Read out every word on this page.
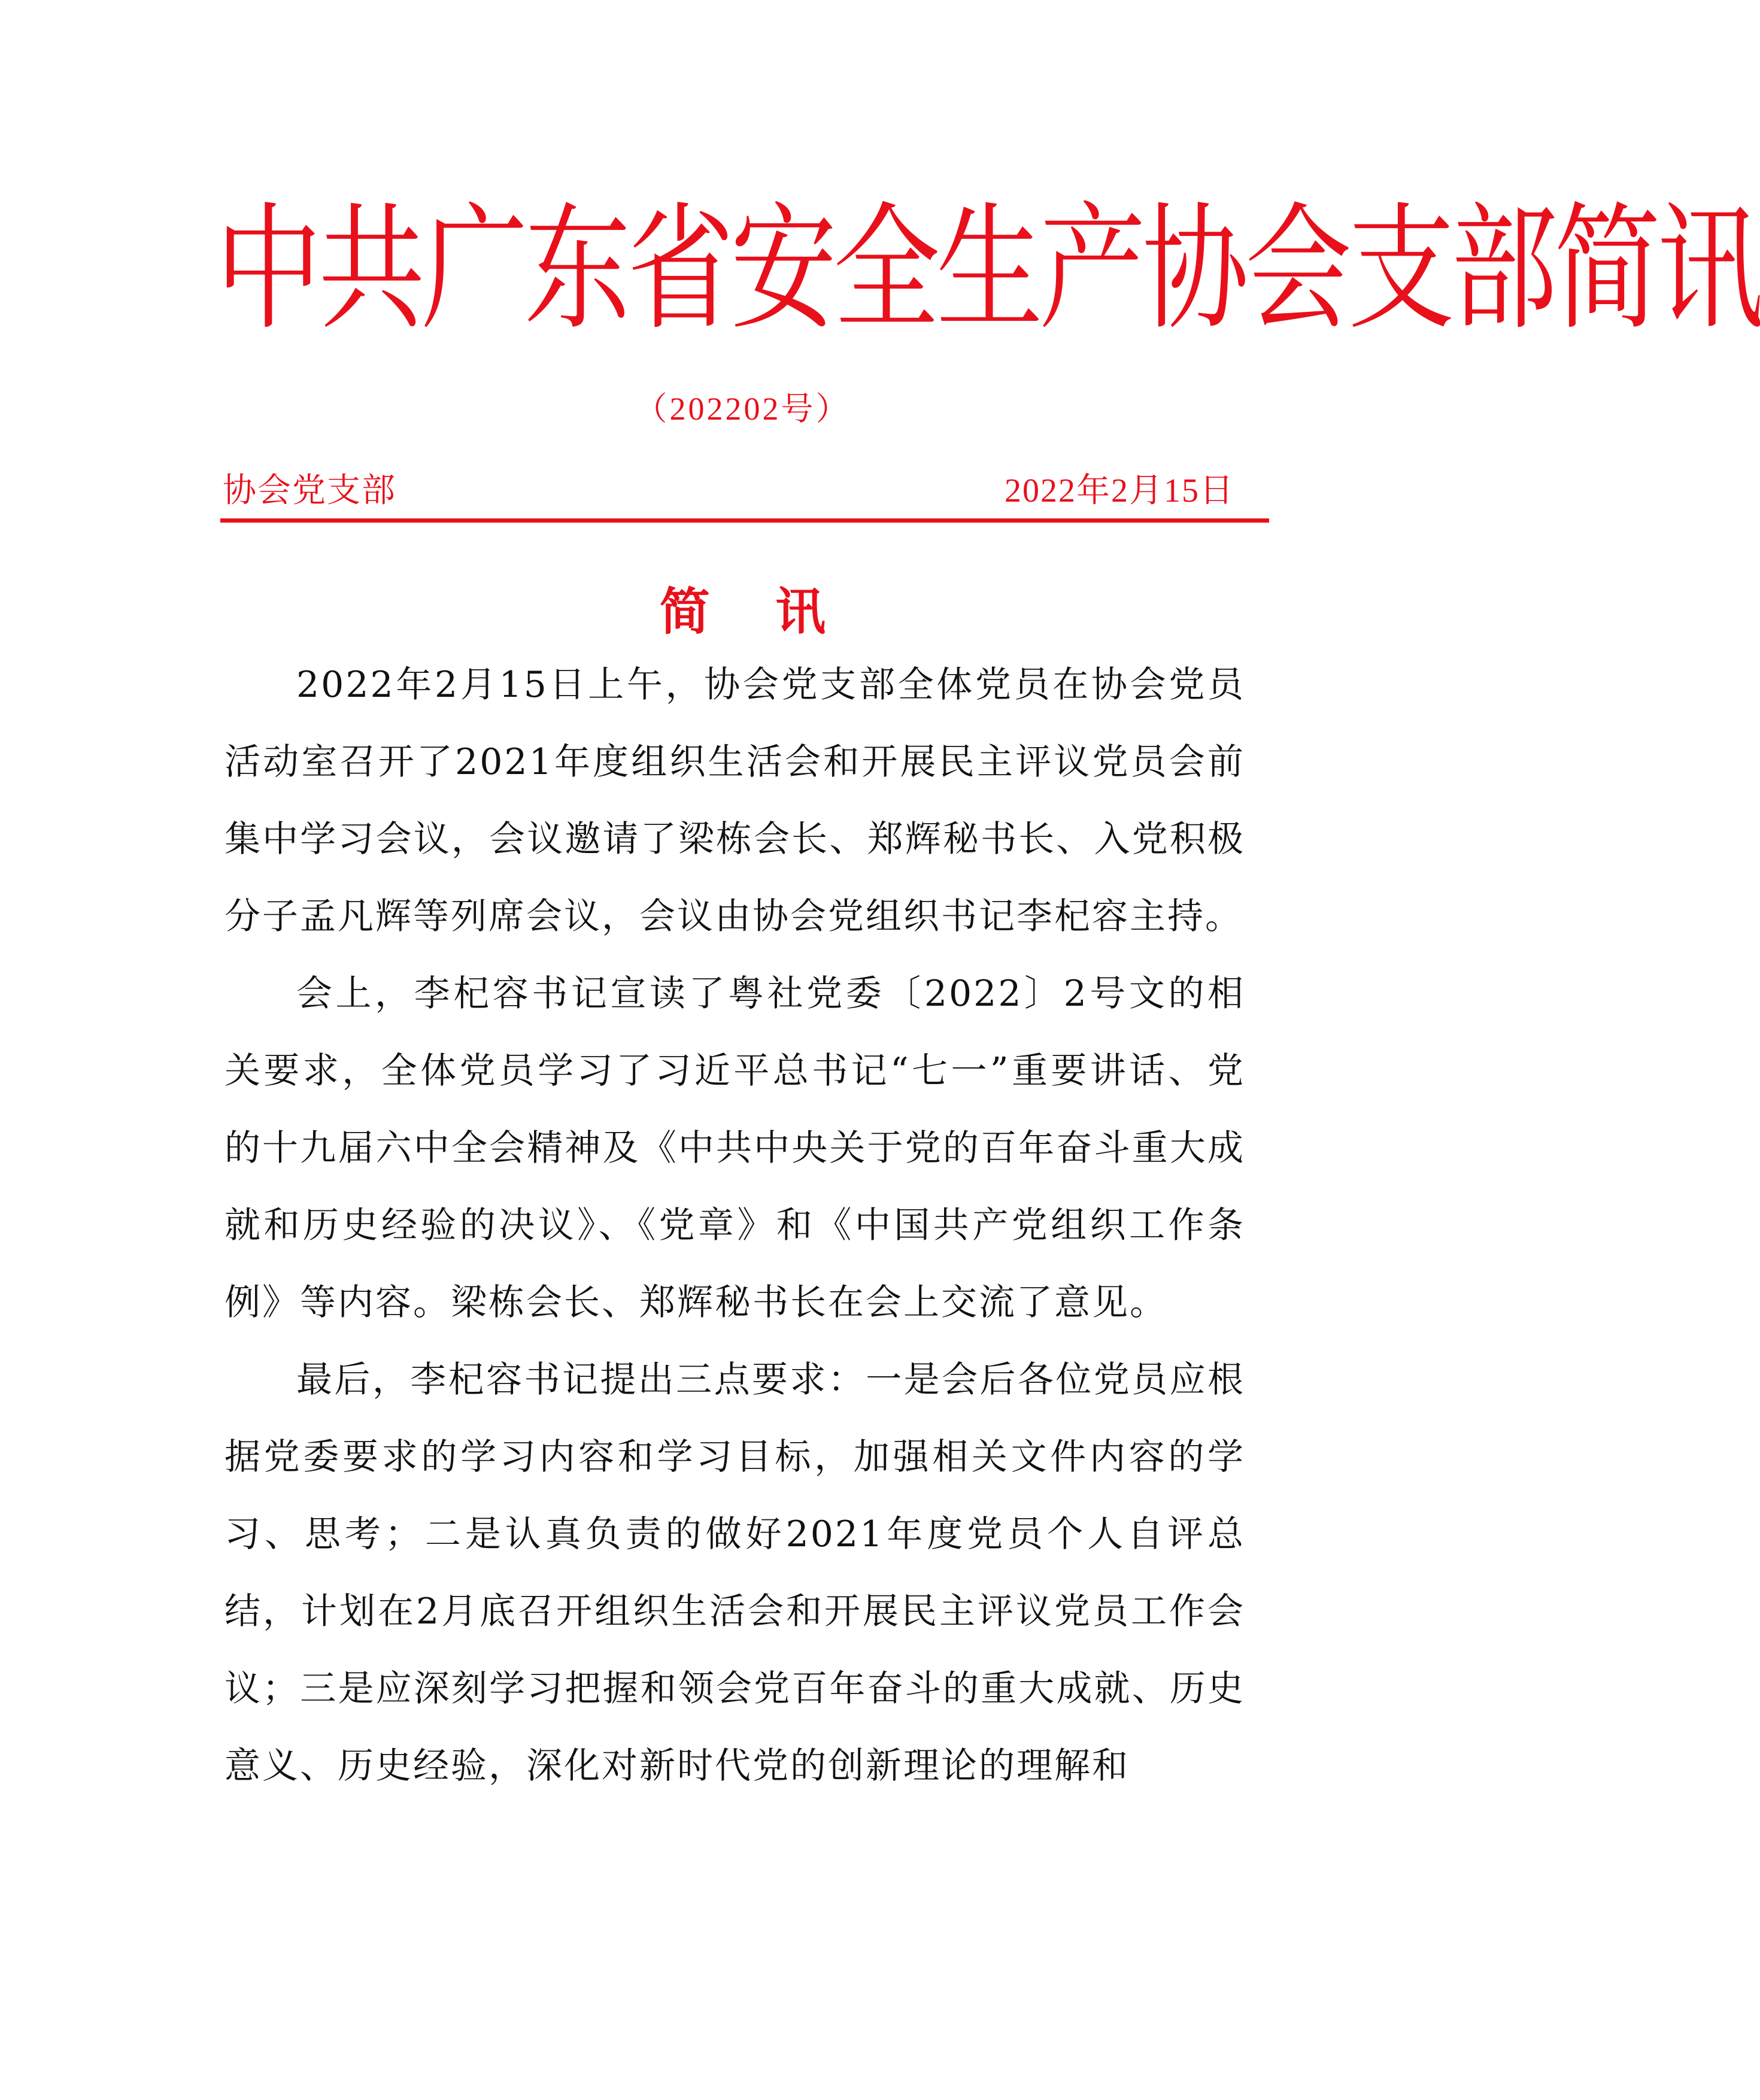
中共广东省安全生产协会支部简讯
（202202号）
协会党支部	2022年2月15日
简 讯

2022年2月15日上午，协会党支部全体党员在协会党员活动室召开了2021年度组织生活会和开展民主评议党员会前集中学习会议，会议邀请了梁栋会长、郑辉秘书长、入党积极分子孟凡辉等列席会议，会议由协会党组织书记李杞容主持。

会上，李杞容书记宣读了粤社党委〔2022〕2号文的相关要求，全体党员学习了习近平总书记“七一”重要讲话、党的十九届六中全会精神及《中共中央关于党的百年奋斗重大成就和历史经验的决议》、《党章》和《中国共产党组织工作条例》等内容。梁栋会长、郑辉秘书长在会上交流了意见。

最后，李杞容书记提出三点要求：一是会后各位党员应根据党委要求的学习内容和学习目标，加强相关文件内容的学习、思考；二是认真负责的做好2021年度党员个人自评总结，计划在2月底召开组织生活会和开展民主评议党员工作会议；三是应深刻学习把握和领会党百年奋斗的重大成就、历史意义、历史经验，深化对新时代党的创新理论的理解和
